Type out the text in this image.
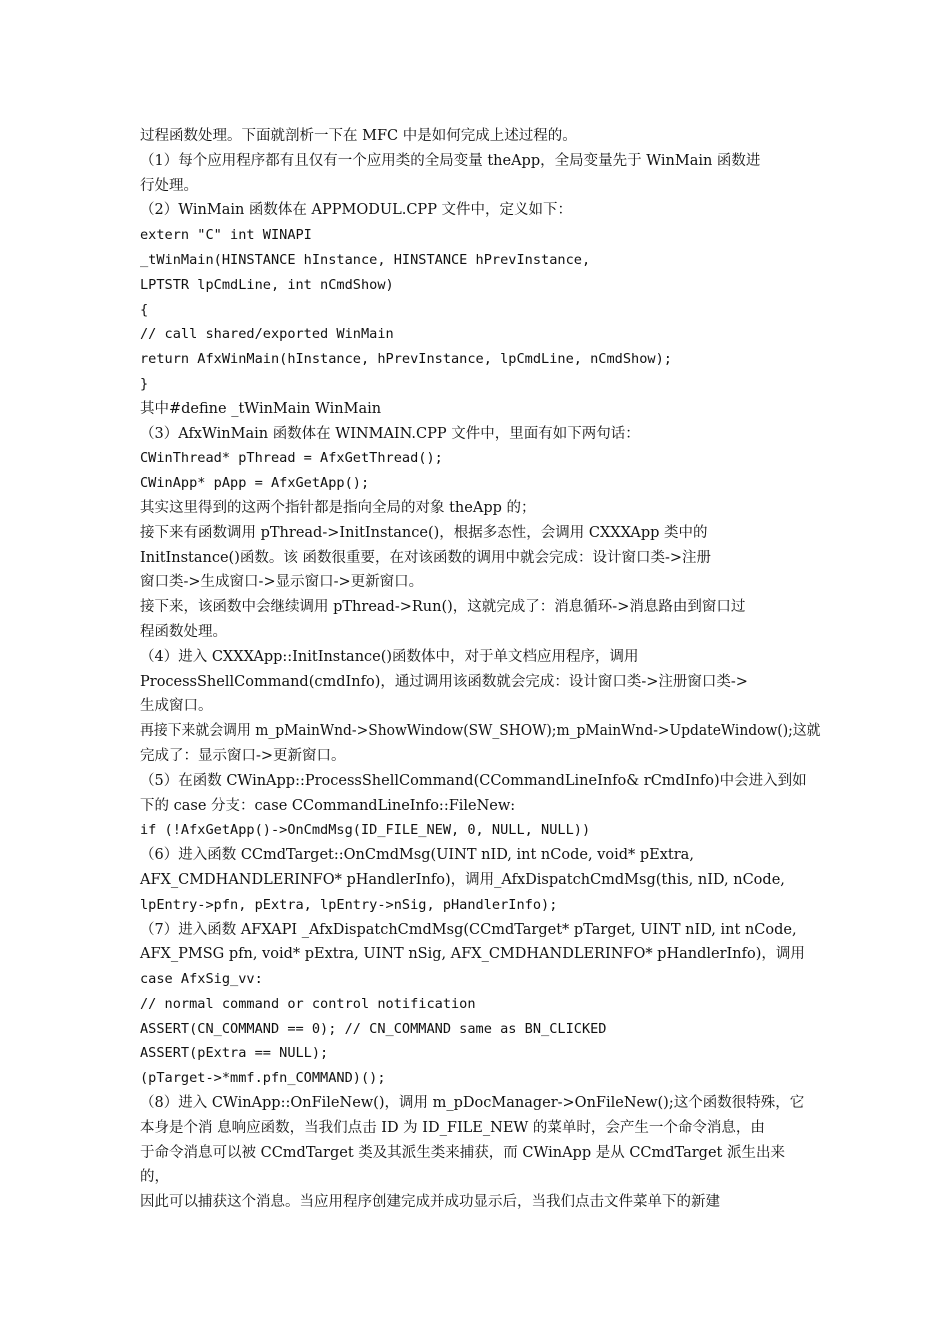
过程函数处理。下面就剖析一下在 MFC 中是如何完成上述过程的。
（1）每个应用程序都有且仅有一个应用类的全局变量 theApp，全局变量先于 WinMain 函数进
行处理。
（2）WinMain 函数体在 APPMODUL.CPP 文件中，定义如下：
extern "C" int WINAPI
_tWinMain(HINSTANCE hInstance, HINSTANCE hPrevInstance,
LPTSTR lpCmdLine, int nCmdShow)
{
// call shared/exported WinMain
return AfxWinMain(hInstance, hPrevInstance, lpCmdLine, nCmdShow);
}
其中#define _tWinMain WinMain
（3）AfxWinMain 函数体在 WINMAIN.CPP 文件中，里面有如下两句话：
CWinThread* pThread = AfxGetThread();
CWinApp* pApp = AfxGetApp();
其实这里得到的这两个指针都是指向全局的对象 theApp 的；
接下来有函数调用 pThread->InitInstance()，根据多态性，会调用 CXXXApp 类中的
InitInstance()函数。该 函数很重要，在对该函数的调用中就会完成：设计窗口类->注册
窗口类->生成窗口->显示窗口->更新窗口。
接下来，该函数中会继续调用 pThread->Run()，这就完成了：消息循环->消息路由到窗口过
程函数处理。
（4）进入 CXXXApp::InitInstance()函数体中，对于单文档应用程序，调用
ProcessShellCommand(cmdInfo)，通过调用该函数就会完成：设计窗口类->注册窗口类->
生成窗口。
再接下来就会调用 m_pMainWnd->ShowWindow(SW_SHOW);m_pMainWnd->UpdateWindow();这就
完成了：显示窗口->更新窗口。
（5）在函数 CWinApp::ProcessShellCommand(CCommandLineInfo& rCmdInfo)中会进入到如
下的 case 分支：case CCommandLineInfo::FileNew:
if (!AfxGetApp()->OnCmdMsg(ID_FILE_NEW, 0, NULL, NULL))
（6）进入函数 CCmdTarget::OnCmdMsg(UINT nID, int nCode, void* pExtra,
AFX_CMDHANDLERINFO* pHandlerInfo)，调用_AfxDispatchCmdMsg(this, nID, nCode,
lpEntry->pfn, pExtra, lpEntry->nSig, pHandlerInfo);
（7）进入函数 AFXAPI _AfxDispatchCmdMsg(CCmdTarget* pTarget, UINT nID, int nCode,
AFX_PMSG pfn, void* pExtra, UINT nSig, AFX_CMDHANDLERINFO* pHandlerInfo)，调用
case AfxSig_vv:
// normal command or control notification
ASSERT(CN_COMMAND == 0); // CN_COMMAND same as BN_CLICKED
ASSERT(pExtra == NULL);
(pTarget->*mmf.pfn_COMMAND)();
（8）进入 CWinApp::OnFileNew()，调用 m_pDocManager->OnFileNew();这个函数很特殊，它
本身是个消 息响应函数，当我们点击 ID 为 ID_FILE_NEW 的菜单时，会产生一个命令消息，由
于命令消息可以被 CCmdTarget 类及其派生类来捕获，而 CWinApp 是从 CCmdTarget 派生出来
的，
因此可以捕获这个消息。当应用程序创建完成并成功显示后，当我们点击文件菜单下的新建
